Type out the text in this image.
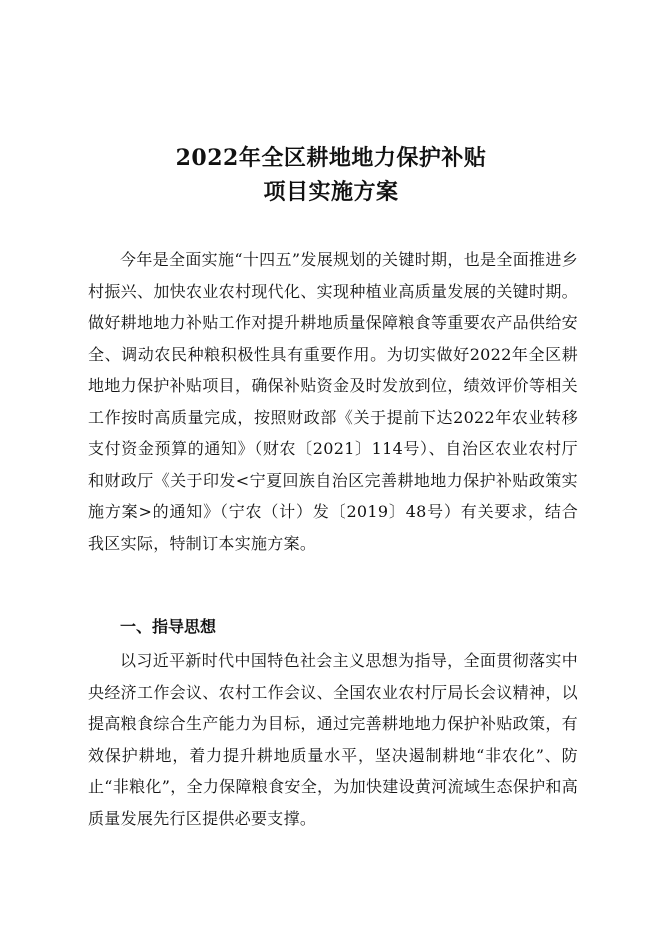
2022年全区耕地地力保护补贴
项目实施方案
今年是全面实施“十四五”发展规划的关键时期，也是全面推进乡村振兴、加快农业农村现代化、实现种植业高质量发展的关键时期。做好耕地地力补贴工作对提升耕地质量保障粮食等重要农产品供给安全、调动农民种粮积极性具有重要作用。为切实做好2022年全区耕地地力保护补贴项目，确保补贴资金及时发放到位，绩效评价等相关工作按时高质量完成，按照财政部《关于提前下达2022年农业转移支付资金预算的通知》（财农〔2021〕114号）、自治区农业农村厅和财政厅《关于印发<宁夏回族自治区完善耕地地力保护补贴政策实施方案>的通知》（宁农（计）发〔2019〕48号）有关要求，结合我区实际，特制订本实施方案。
一、指导思想
以习近平新时代中国特色社会主义思想为指导，全面贯彻落实中央经济工作会议、农村工作会议、全国农业农村厅局长会议精神，以提高粮食综合生产能力为目标，通过完善耕地地力保护补贴政策，有效保护耕地，着力提升耕地质量水平，坚决遏制耕地“非农化”、防止“非粮化”，全力保障粮食安全，为加快建设黄河流域生态保护和高质量发展先行区提供必要支撑。
